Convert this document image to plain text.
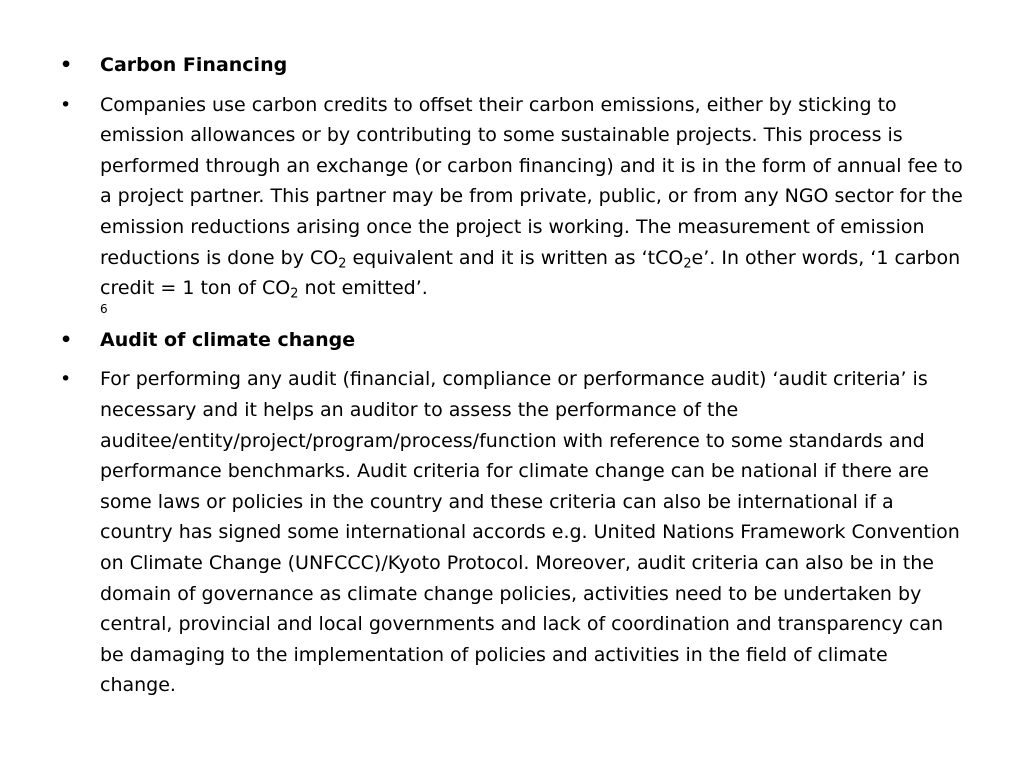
• Carbon Financing
• Companies use carbon credits to offset their carbon emissions, either by sticking to emission allowances or by contributing to some sustainable projects. This process is performed through an exchange (or carbon financing) and it is in the form of annual fee to a project partner. This partner may be from private, public, or from any NGO sector for the emission reductions arising once the project is working. The measurement of emission reductions is done by $CO_2$ equivalent and it is written as ‘tCO$_2$e’. In other words, ‘1 carbon credit = 1 ton of $CO_2$ not emitted’.
6
• Audit of climate change
• For performing any audit (financial, compliance or performance audit) ‘audit criteria’ is necessary and it helps an auditor to assess the performance of the auditee/entity/project/program/process/function with reference to some standards and performance benchmarks. Audit criteria for climate change can be national if there are some laws or policies in the country and these criteria can also be international if a country has signed some international accords e.g. United Nations Framework Convention on Climate Change (UNFCCC)/Kyoto Protocol. Moreover, audit criteria can also be in the domain of governance as climate change policies, activities need to be undertaken by central, provincial and local governments and lack of coordination and transparency can be damaging to the implementation of policies and activities in the field of climate change.
